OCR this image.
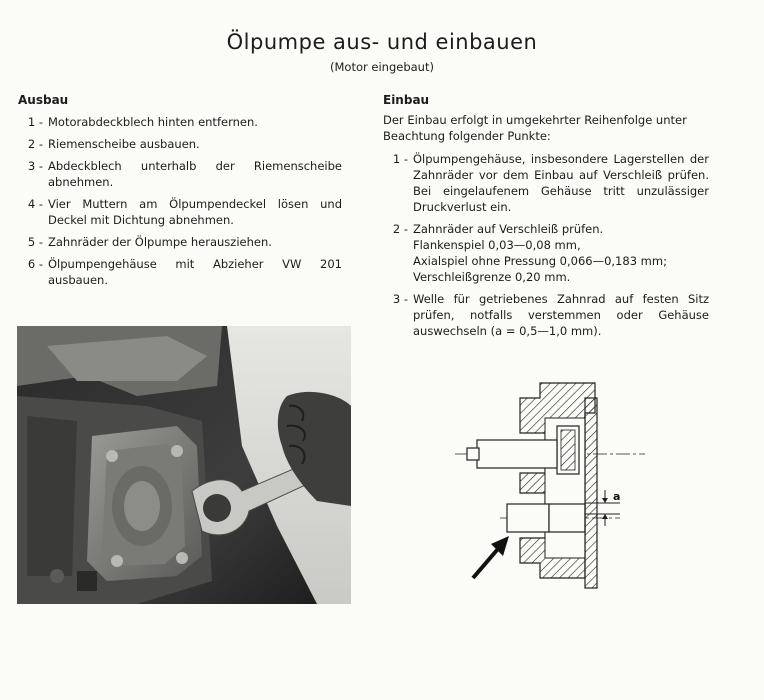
Ölpumpe aus- und einbauen
(Motor eingebaut)
Ausbau
1 - Motorabdeckblech hinten entfernen.
2 - Riemenscheibe ausbauen.
3 - Abdeckblech unterhalb der Riemenscheibe abnehmen.
4 - Vier Muttern am Ölpumpendeckel lösen und Deckel mit Dichtung abnehmen.
5 - Zahnräder der Ölpumpe herausziehen.
6 - Ölpumpengehäuse mit Abzieher VW 201 ausbauen.
Einbau
Der Einbau erfolgt in umgekehrter Reihenfolge unter Beachtung folgender Punkte:
1 - Ölpumpengehäuse, insbesondere Lagerstellen der Zahnräder vor dem Einbau auf Verschleiß prüfen. Bei eingelaufenem Gehäuse tritt unzulässiger Druckverlust ein.
2 - Zahnräder auf Verschleiß prüfen.
Flankenspiel 0,03—0,08 mm,
Axialspiel ohne Pressung 0,066—0,183 mm;
Verschleißgrenze 0,20 mm.
3 - Welle für getriebenes Zahnrad auf festen Sitz prüfen, notfalls verstemmen oder Gehäuse auswechseln (a = 0,5—1,0 mm).
a
